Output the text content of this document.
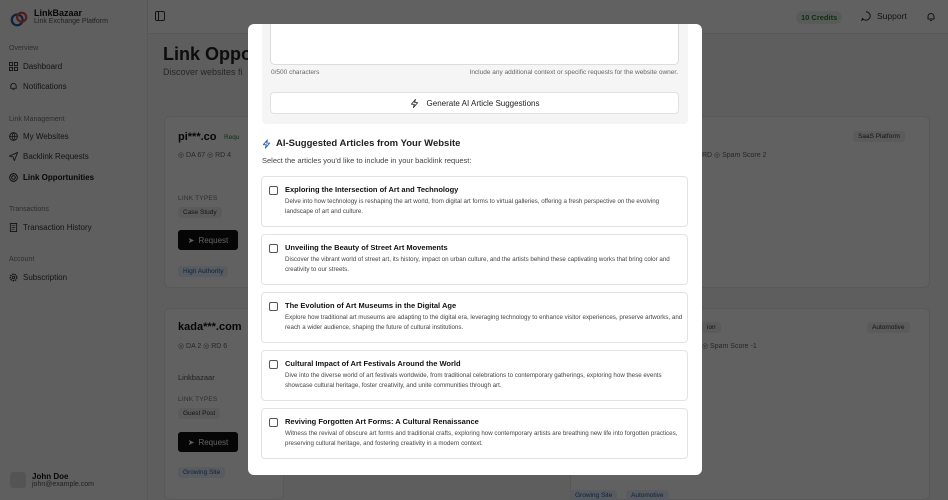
0/500 characters	Include any additional context or specific requests for the website owner.
Generate AI Article Suggestions
AI-Suggested Articles from Your Website
Select the articles you'd like to include in your backlink request:
Exploring the Intersection of Art and Technology
Delve into how technology is reshaping the art world, from digital art forms to virtual galleries, offering a fresh perspective on the evolving landscape of art and culture.
Unveiling the Beauty of Street Art Movements
Discover the vibrant world of street art, its history, impact on urban culture, and the artists behind these captivating works that bring color and creativity to our streets.
The Evolution of Art Museums in the Digital Age
Explore how traditional art museums are adapting to the digital era, leveraging technology to enhance visitor experiences, preserve artworks, and reach a wider audience, shaping the future of cultural institutions.
Cultural Impact of Art Festivals Around the World
Dive into the diverse world of art festivals worldwide, from traditional celebrations to contemporary gatherings, exploring how these events showcase cultural heritage, foster creativity, and unite communities through art.
Reviving Forgotten Art Forms: A Cultural Renaissance
Witness the revival of obscure art forms and traditional crafts, exploring how contemporary artists are breathing new life into forgotten practices, preserving cultural heritage, and fostering creativity in a modern context.
